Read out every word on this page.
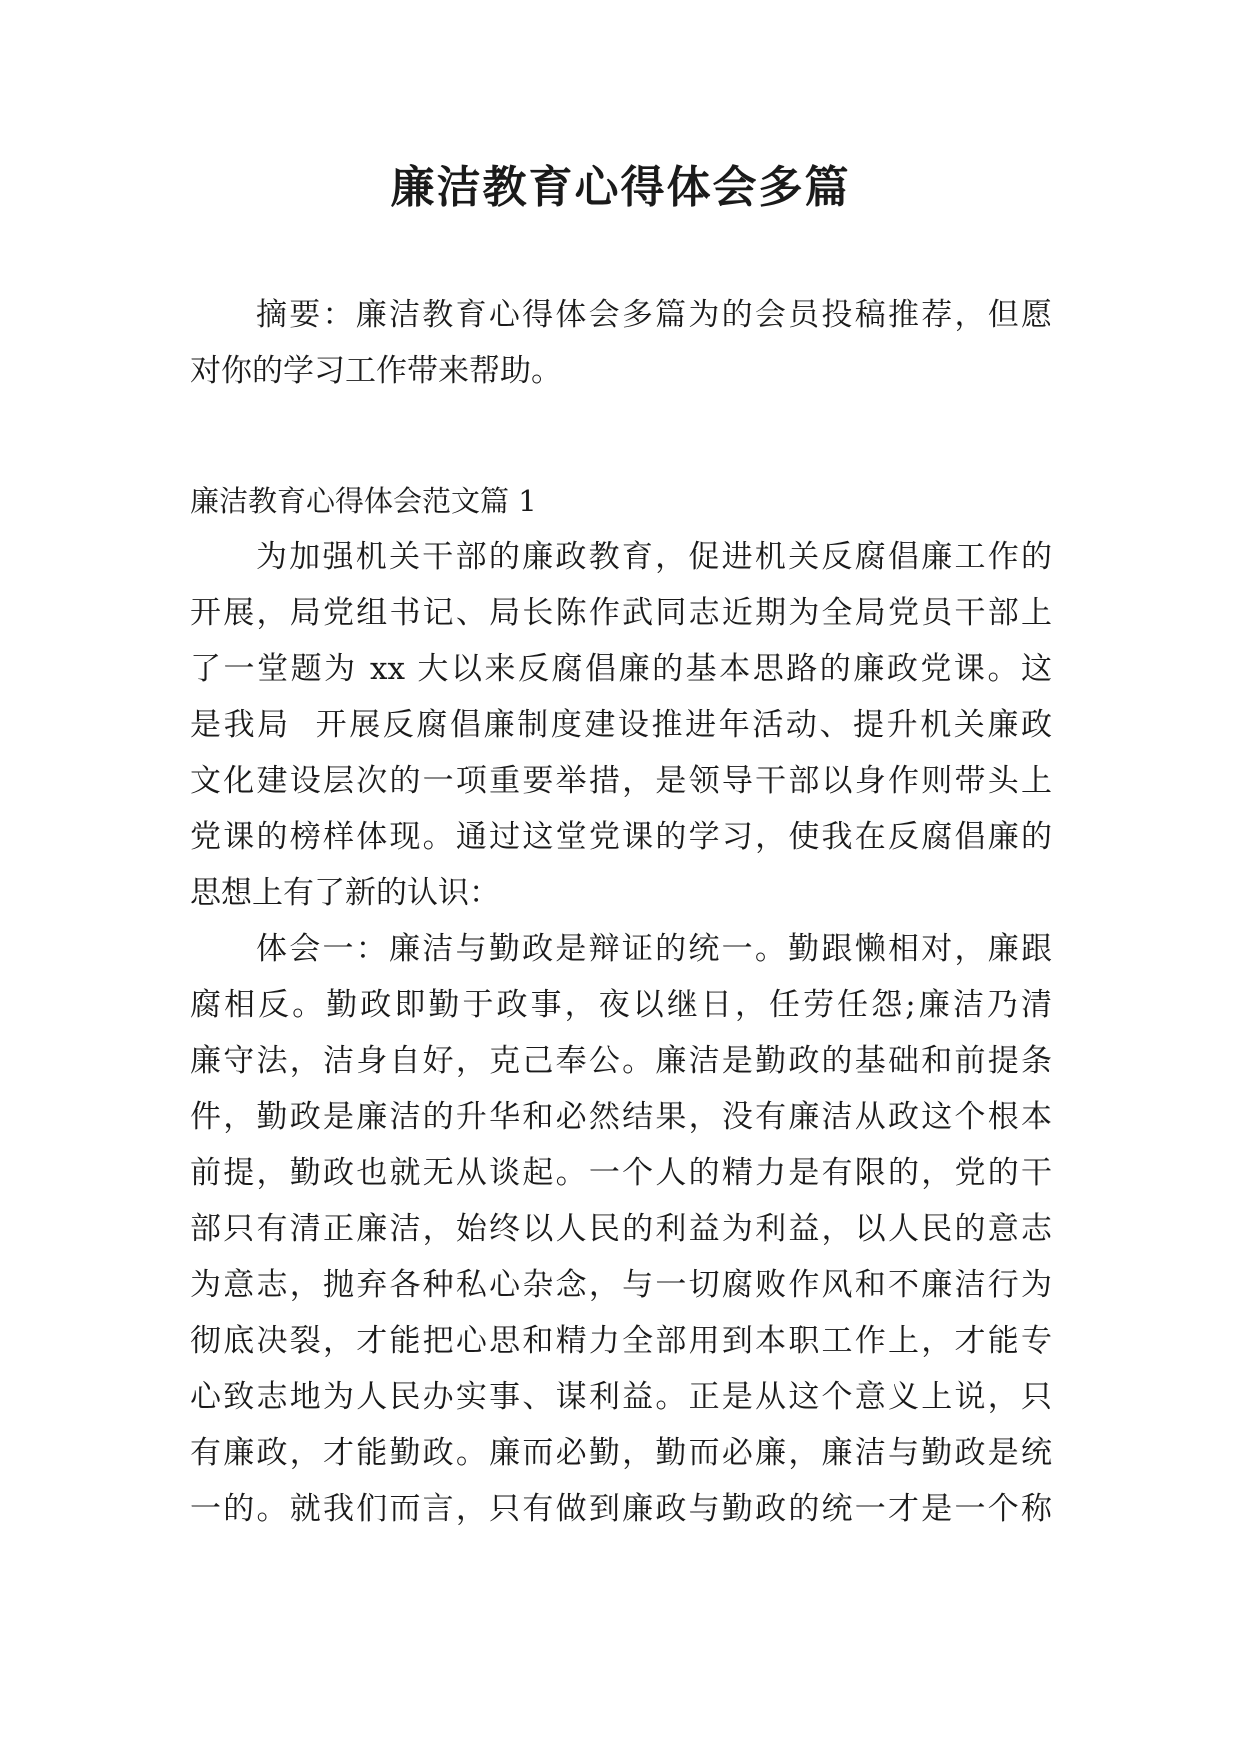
廉洁教育心得体会多篇
摘要：廉洁教育心得体会多篇为的会员投稿推荐，但愿
对你的学习工作带来帮助。
廉洁教育心得体会范文篇 1
为加强机关干部的廉政教育，促进机关反腐倡廉工作的
开展，局党组书记、局长陈作武同志近期为全局党员干部上
了一堂题为 xx 大以来反腐倡廉的基本思路的廉政党课。这
是我局  开展反腐倡廉制度建设推进年活动、提升机关廉政
文化建设层次的一项重要举措，是领导干部以身作则带头上
党课的榜样体现。通过这堂党课的学习，使我在反腐倡廉的
思想上有了新的认识：
体会一：廉洁与勤政是辩证的统一。勤跟懒相对，廉跟
腐相反。勤政即勤于政事，夜以继日，任劳任怨;廉洁乃清
廉守法，洁身自好，克己奉公。廉洁是勤政的基础和前提条
件，勤政是廉洁的升华和必然结果，没有廉洁从政这个根本
前提，勤政也就无从谈起。一个人的精力是有限的，党的干
部只有清正廉洁，始终以人民的利益为利益，以人民的意志
为意志，抛弃各种私心杂念，与一切腐败作风和不廉洁行为
彻底决裂，才能把心思和精力全部用到本职工作上，才能专
心致志地为人民办实事、谋利益。正是从这个意义上说，只
有廉政，才能勤政。廉而必勤，勤而必廉，廉洁与勤政是统
一的。就我们而言，只有做到廉政与勤政的统一才是一个称
